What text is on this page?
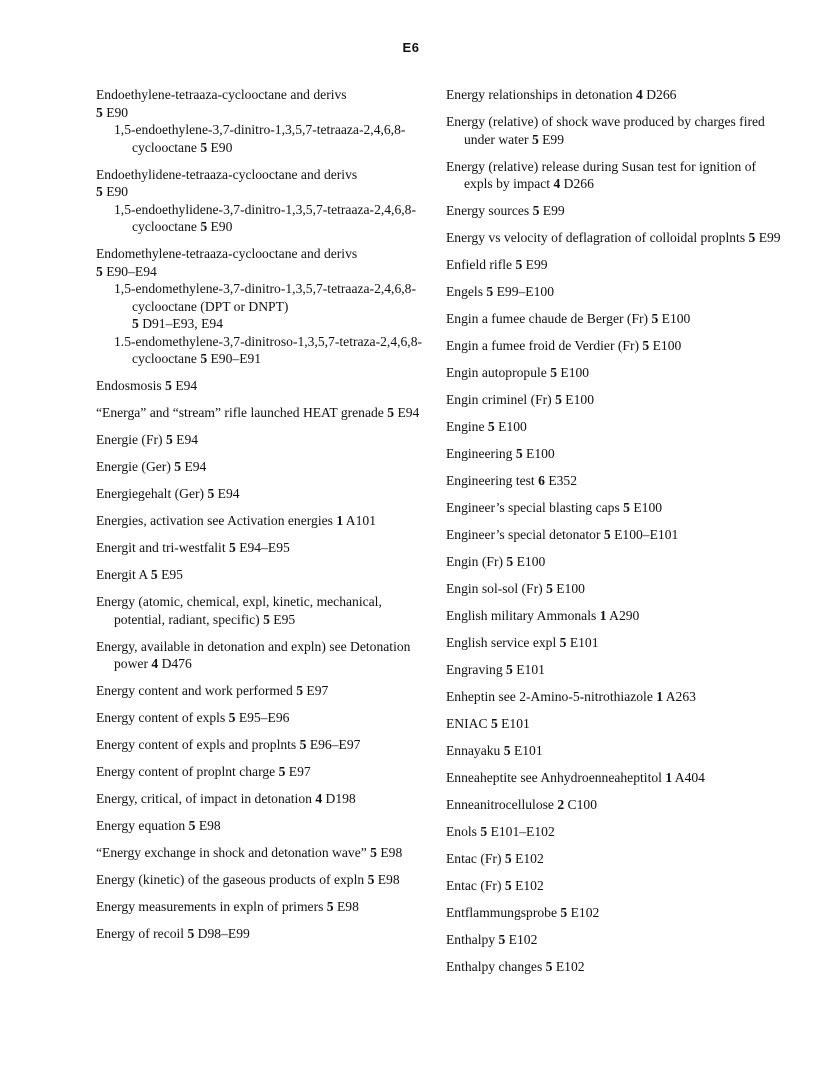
E6
Endoethylene-tetraaza-cyclooctane and derivs
5 E90
1,5-endoethylene-3,7-dinitro-1,3,5,7-tetraaza-2,4,6,8-cyclooctane 5 E90
Endoethylidene-tetraaza-cyclooctane and derivs
5 E90
1,5-endoethylidene-3,7-dinitro-1,3,5,7-tetraaza-2,4,6,8-cyclooctane 5 E90
Endomethylene-tetraaza-cyclooctane and derivs
5 E90–E94
1,5-endomethylene-3,7-dinitro-1,3,5,7-tetraaza-2,4,6,8-cyclooctane (DPT or DNPT)
5 D91–E93, E94
1.5-endomethylene-3,7-dinitroso-1,3,5,7-tetraza-2,4,6,8-cyclooctane 5 E90–E91
Endosmosis 5 E94
“Energa” and “stream” rifle launched HEAT grenade 5 E94
Energie (Fr) 5 E94
Energie (Ger) 5 E94
Energiegehalt (Ger) 5 E94
Energies, activation see Activation energies 1 A101
Energit and tri-westfalit 5 E94–E95
Energit A 5 E95
Energy (atomic, chemical, expl, kinetic, mechanical, potential, radiant, specific) 5 E95
Energy, available in detonation and expln) see Detonation power 4 D476
Energy content and work performed 5 E97
Energy content of expls 5 E95–E96
Energy content of expls and proplnts 5 E96–E97
Energy content of proplnt charge 5 E97
Energy, critical, of impact in detonation 4 D198
Energy equation 5 E98
“Energy exchange in shock and detonation wave” 5 E98
Energy (kinetic) of the gaseous products of expln 5 E98
Energy measurements in expln of primers 5 E98
Energy of recoil 5 D98–E99
Energy relationships in detonation 4 D266
Energy (relative) of shock wave produced by charges fired under water 5 E99
Energy (relative) release during Susan test for ignition of expls by impact 4 D266
Energy sources 5 E99
Energy vs velocity of deflagration of colloidal proplnts 5 E99
Enfield rifle 5 E99
Engels 5 E99–E100
Engin a fumee chaude de Berger (Fr) 5 E100
Engin a fumee froid de Verdier (Fr) 5 E100
Engin autopropule 5 E100
Engin criminel (Fr) 5 E100
Engine 5 E100
Engineering 5 E100
Engineering test 6 E352
Engineer’s special blasting caps 5 E100
Engineer’s special detonator 5 E100–E101
Engin (Fr) 5 E100
Engin sol-sol (Fr) 5 E100
English military Ammonals 1 A290
English service expl 5 E101
Engraving 5 E101
Enheptin see 2-Amino-5-nitrothiazole 1 A263
ENIAC 5 E101
Ennayaku 5 E101
Enneaheptite see Anhydroenneaheptitol 1 A404
Enneanitrocellulose 2 C100
Enols 5 E101–E102
Entac (Fr) 5 E102
Entac (Fr) 5 E102
Entflammungsprobe 5 E102
Enthalpy 5 E102
Enthalpy changes 5 E102
